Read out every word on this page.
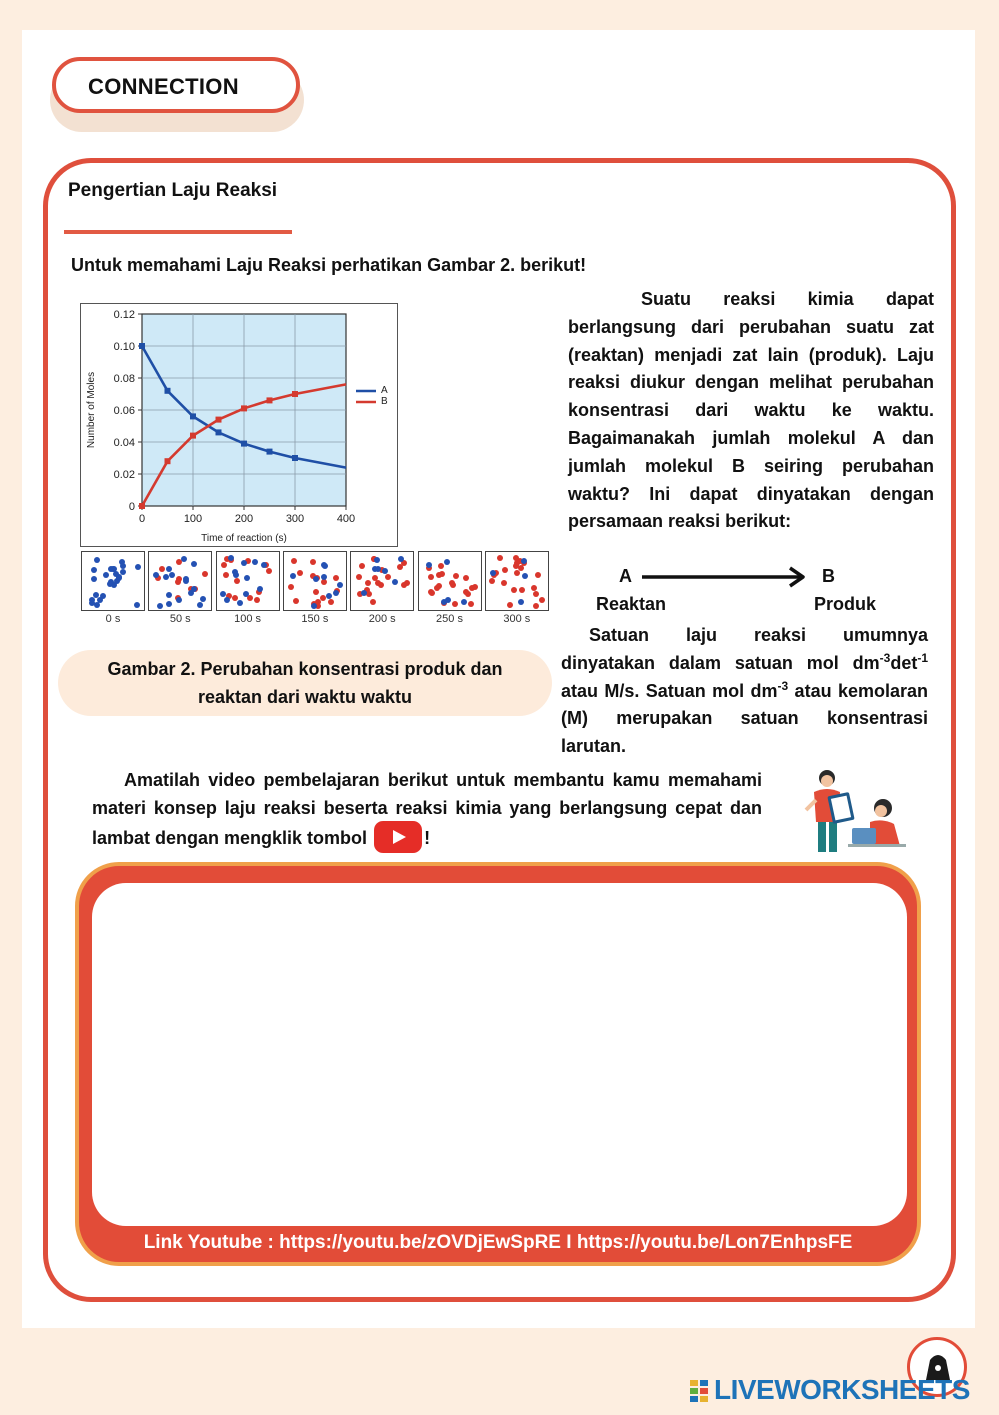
CONNECTION
Pengertian Laju Reaksi
Untuk memahami Laju Reaksi perhatikan Gambar 2. berikut!
0	100	200	300	400
0
0.02
0.04
0.06
0.08
0.10
0.12
Time of reaction (s)
Number of Moles	A
B
0 s	50 s	100 s	150 s	200 s	250 s	300 s
Gambar 2. Perubahan konsentrasi produk dan
reaktan dari waktu waktu
Suatu reaksi kimia dapat berlangsung dari perubahan suatu zat (reaktan) menjadi zat lain (produk). Laju reaksi diukur dengan melihat perubahan konsentrasi dari waktu ke waktu. Bagaimanakah jumlah molekul A dan jumlah molekul B seiring perubahan waktu? Ini dapat dinyatakan dengan persamaan reaksi berikut:
A	B
Reaktan	Produk
Satuan laju reaksi umumnya dinyatakan dalam satuan mol $dm^{-3}\det^{-1}$ atau M/s. Satuan mol $dm^{-3}$ atau kemolaran (M) merupakan satuan konsentrasi larutan.
Amatilah video pembelajaran berikut untuk membantu kamu memahami materi konsep laju reaksi beserta reaksi kimia yang berlangsung cepat dan lambat dengan mengklik tombol	!
Link Youtube : https://youtu.be/zOVDjEwSpRE I https://youtu.be/Lon7EnhpsFE
LIVEWORKSHEETS
